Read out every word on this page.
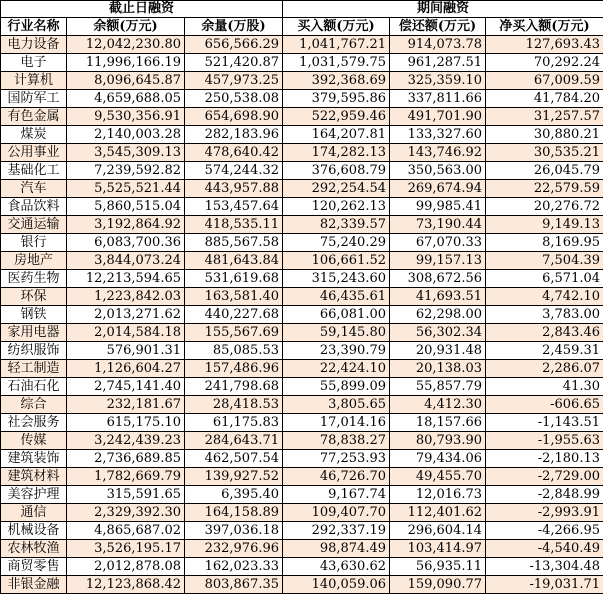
截止日融资			期间融资		
行业名称	余额(万元)	余量(万股)	买入额(万元)	偿还额(万元)	净买入额(万元)
电力设备	12,042,230.80	656,566.29	1,041,767.21	914,073.78	127,693.43
电子	11,996,166.19	521,420.87	1,031,579.75	961,287.51	70,292.24
计算机	8,096,645.87	457,973.25	392,368.69	325,359.10	67,009.59
国防军工	4,659,688.05	250,538.08	379,595.86	337,811.66	41,784.20
有色金属	9,530,356.91	654,698.90	522,959.46	491,701.90	31,257.57
煤炭	2,140,003.28	282,183.96	164,207.81	133,327.60	30,880.21
公用事业	3,545,309.13	478,640.42	174,282.13	143,746.92	30,535.21
基础化工	7,239,592.82	574,244.32	376,608.79	350,563.00	26,045.79
汽车	5,525,521.44	443,957.88	292,254.54	269,674.94	22,579.59
食品饮料	5,860,515.04	153,457.64	120,262.13	99,985.41	20,276.72
交通运输	3,192,864.92	418,535.11	82,339.57	73,190.44	9,149.13
银行	6,083,700.36	885,567.58	75,240.29	67,070.33	8,169.95
房地产	3,844,073.24	481,643.84	106,661.52	99,157.13	7,504.39
医药生物	12,213,594.65	531,619.68	315,243.60	308,672.56	6,571.04
环保	1,223,842.03	163,581.40	46,435.61	41,693.51	4,742.10
钢铁	2,013,271.62	440,227.68	66,081.00	62,298.00	3,783.00
家用电器	2,014,584.18	155,567.69	59,145.80	56,302.34	2,843.46
纺织服饰	576,901.31	85,085.53	23,390.79	20,931.48	2,459.31
轻工制造	1,126,604.27	157,486.96	22,424.10	20,138.03	2,286.07
石油石化	2,745,141.40	241,798.68	55,899.09	55,857.79	41.30
综合	232,181.67	28,418.53	3,805.65	4,412.30	-606.65
社会服务	615,175.10	61,175.83	17,014.16	18,157.66	-1,143.51
传媒	3,242,439.23	284,643.71	78,838.27	80,793.90	-1,955.63
建筑装饰	2,736,689.85	462,507.54	77,253.93	79,434.06	-2,180.13
建筑材料	1,782,669.79	139,927.52	46,726.70	49,455.70	-2,729.00
美容护理	315,591.65	6,395.40	9,167.74	12,016.73	-2,848.99
通信	2,329,392.30	164,158.89	109,407.70	112,401.62	-2,993.91
机械设备	4,865,687.02	397,036.18	292,337.19	296,604.14	-4,266.95
农林牧渔	3,526,195.17	232,976.96	98,874.49	103,414.97	-4,540.49
商贸零售	2,012,878.08	162,023.33	43,630.62	56,935.11	-13,304.48
非银金融	12,123,868.42	803,867.35	140,059.06	159,090.77	-19,031.71
